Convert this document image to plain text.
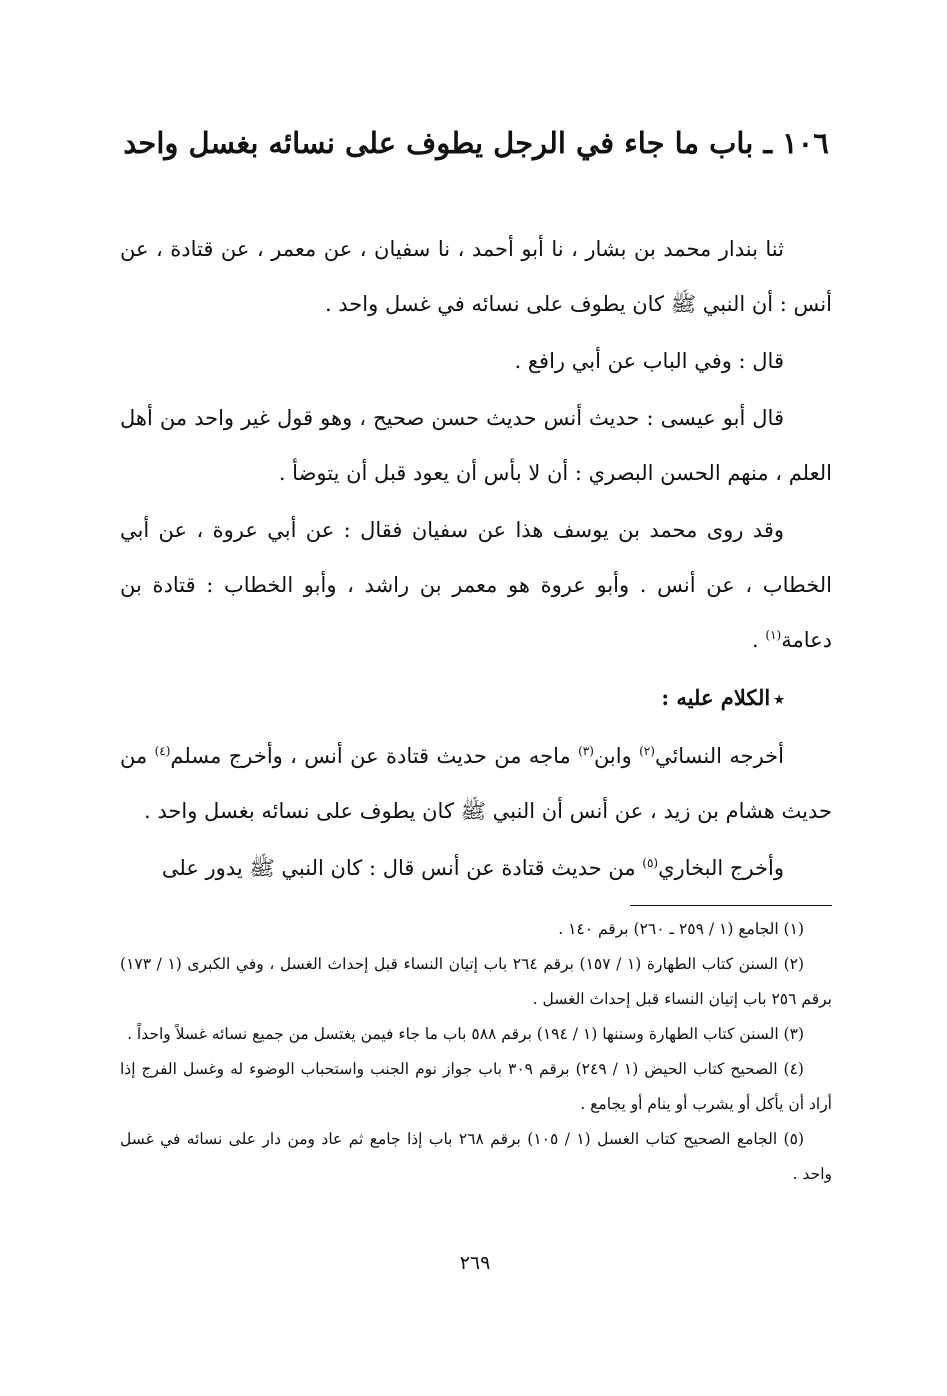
١٠٦ ـ باب ما جاء في الرجل يطوف على نسائه بغسل واحد

ثنا بندار محمد بن بشار ، نا أبو أحمد ، نا سفيان ، عن معمر ، عن قتادة ، عن أنس : أن النبي ﷺ كان يطوف على نسائه في غسل واحد .

قال : وفي الباب عن أبي رافع .

قال أبو عيسى : حديث أنس حديث حسن صحيح ، وهو قول غير واحد من أهل العلم ، منهم الحسن البصري : أن لا بأس أن يعود قبل أن يتوضأ .

وقد روى محمد بن يوسف هذا عن سفيان فقال : عن أبي عروة ، عن أبي الخطاب ، عن أنس . وأبو عروة هو معمر بن راشد ، وأبو الخطاب : قتادة بن دعامة$^{(١)}$ .

٭الكلام عليه :

أخرجه النسائي$^{(٢)}$ وابن$^{(٣)}$ ماجه من حديث قتادة عن أنس ، وأخرج مسلم$^{(٤)}$ من حديث هشام بن زيد ، عن أنس أن النبي ﷺ كان يطوف على نسائه بغسل واحد .

وأخرج البخاري$^{(٥)}$ من حديث قتادة عن أنس قال : كان النبي ﷺ يدور على

(١) الجامع (١ / ٢٥٩ ـ ٢٦٠) برقم ١٤٠ .

(٢) السنن كتاب الطهارة (١ / ١٥٧) برقم ٢٦٤ باب إتيان النساء قبل إحداث الغسل ، وفي الكبرى (١ / ١٧٣) برقم ٢٥٦ باب إتيان النساء قبل إحداث الغسل .

(٣) السنن كتاب الطهارة وسننها (١ / ١٩٤) برقم ٥٨٨ باب ما جاء فيمن يغتسل من جميع نسائه غسلاً واحداً .

(٤) الصحيح كتاب الحيض (١ / ٢٤٩) برقم ٣٠٩ باب جواز نوم الجنب واستحباب الوضوء له وغسل الفرج إذا أراد أن يأكل أو يشرب أو ينام أو يجامع .

(٥) الجامع الصحيح كتاب الغسل (١ / ١٠٥) برقم ٢٦٨ باب إذا جامع ثم عاد ومن دار على نسائه في غسل واحد .

٢٦٩
